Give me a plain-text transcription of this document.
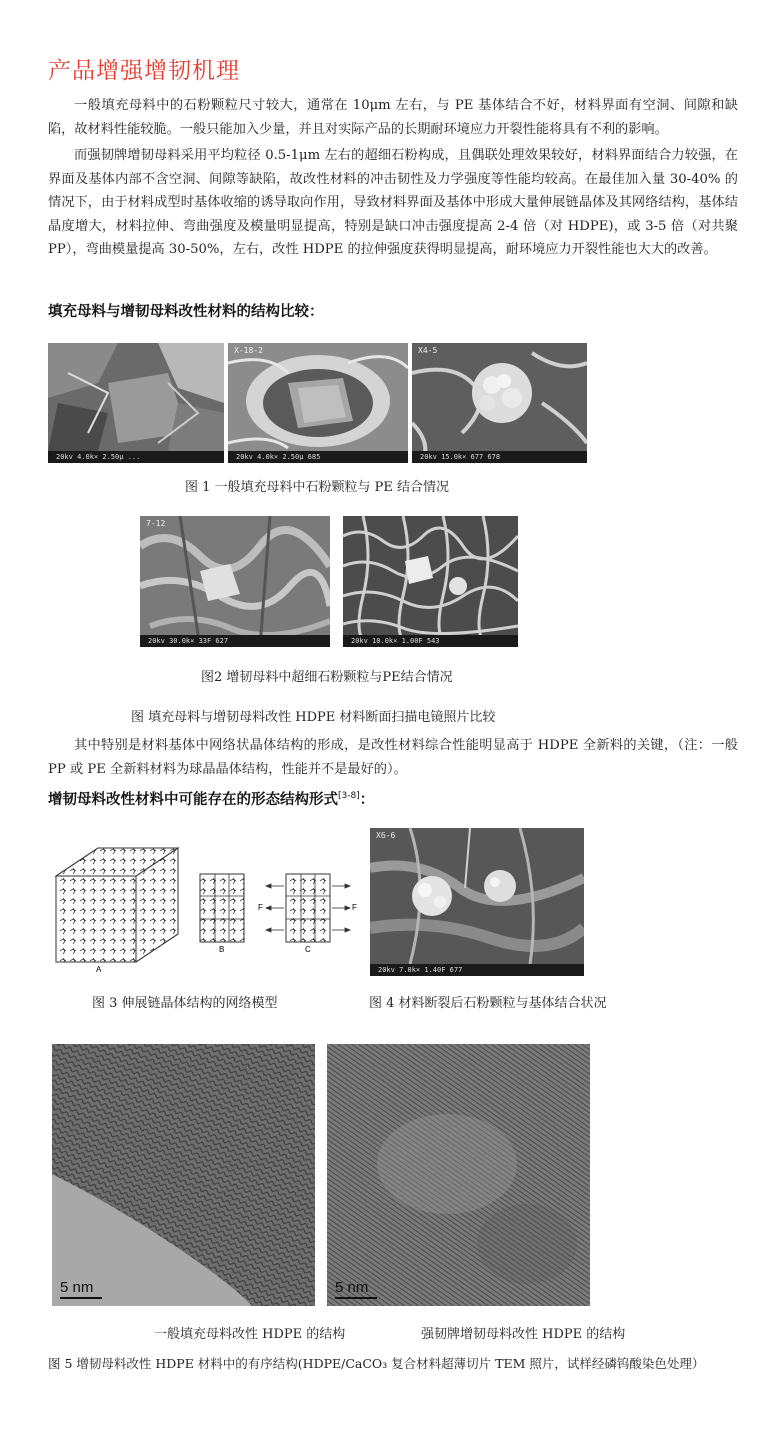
产品增强增韧机理
一般填充母料中的石粉颗粒尺寸较大，通常在 10μm 左右，与 PE 基体结合不好，材料界面有空洞、间隙和缺陷，故材料性能较脆。一般只能加入少量，并且对实际产品的长期耐环境应力开裂性能将具有不利的影响。
而强韧牌增韧母料采用平均粒径 0.5-1μm 左右的超细石粉构成，且偶联处理效果较好，材料界面结合力较强，在界面及基体内部不含空洞、间隙等缺陷，故改性材料的冲击韧性及力学强度等性能均较高。在最佳加入量 30-40% 的情况下，由于材料成型时基体收缩的诱导取向作用，导致材料界面及基体中形成大量伸展链晶体及其网络结构，基体结晶度增大，材料拉伸、弯曲强度及模量明显提高，特别是缺口冲击强度提高 2-4 倍（对 HDPE)，或 3-5 倍（对共聚 PP），弯曲模量提高 30-50%，左右，改性 HDPE 的拉伸强度获得明显提高，耐环境应力开裂性能也大大的改善。
填充母料与增韧母料改性材料的结构比较：
20kv 4.0k× 2.50μ ...
X-18-2
20kv 4.0k× 2.50μ 685
X4-5
20kv 15.0k× 677 678
图 1 一般填充母料中石粉颗粒与 PE 结合情况
7-12
20kv 30.0k× 33F 627	20kv 10.0k× 1.00F 543
图2 增韧母料中超细石粉颗粒与PE结合情况
图 填充母料与增韧母料改性 HDPE 材料断面扫描电镜照片比较
其中特别是材料基体中网络状晶体结构的形成，是改性材料综合性能明显高于 HDPE 全新料的关键，（注：一般 PP 或 PE 全新料材料为球晶晶体结构，性能并不是最好的）。
增韧母料改性材料中可能存在的形态结构形式[3-8]：
A
B
F	F
C
X6-6
20kv 7.0k× 1.40F 677
图 3 伸展链晶体结构的网络模型	图 4 材料断裂后石粉颗粒与基体结合状况
5 nm	5 nm
一般填充母料改性 HDPE 的结构	强韧牌增韧母料改性 HDPE 的结构
图 5 增韧母料改性 HDPE 材料中的有序结构(HDPE/CaCO₃ 复合材料超薄切片 TEM 照片，试样经磷钨酸染色处理）
